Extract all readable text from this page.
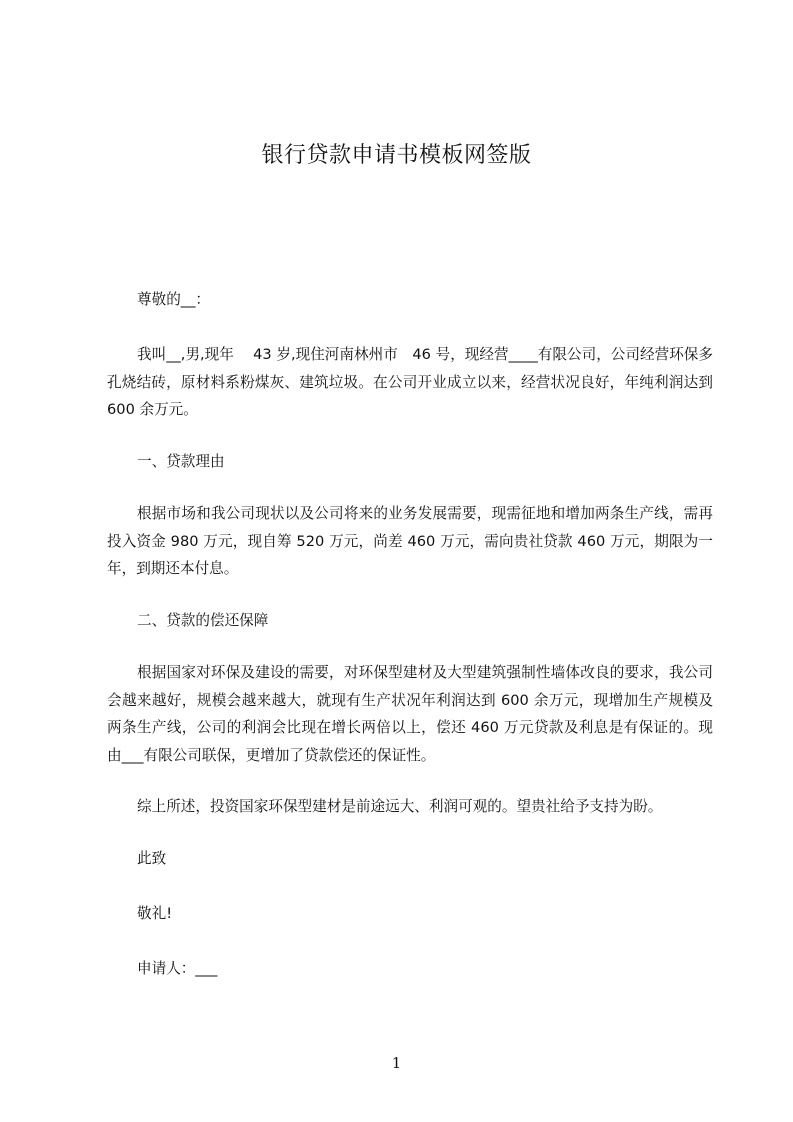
银行贷款申请书模板网签版

尊敬的__：

我叫__,男,现年　 43 岁,现住河南林州市　46 号，现经营____有限公司，公司经营环保多孔烧结砖，原材料系粉煤灰、建筑垃圾。在公司开业成立以来，经营状况良好，年纯利润达到 600 余万元。

一、贷款理由

根据市场和我公司现状以及公司将来的业务发展需要，现需征地和增加两条生产线，需再投入资金 980 万元，现自筹 520 万元，尚差 460 万元，需向贵社贷款 460 万元，期限为一年，到期还本付息。

二、贷款的偿还保障

根据国家对环保及建设的需要，对环保型建材及大型建筑强制性墙体改良的要求，我公司会越来越好，规模会越来越大，就现有生产状况年利润达到 600 余万元，现增加生产规模及两条生产线，公司的利润会比现在增长两倍以上，偿还 460 万元贷款及利息是有保证的。现由___有限公司联保，更增加了贷款偿还的保证性。

综上所述，投资国家环保型建材是前途远大、利润可观的。望贵社给予支持为盼。

此致

敬礼!

申请人：___

1
